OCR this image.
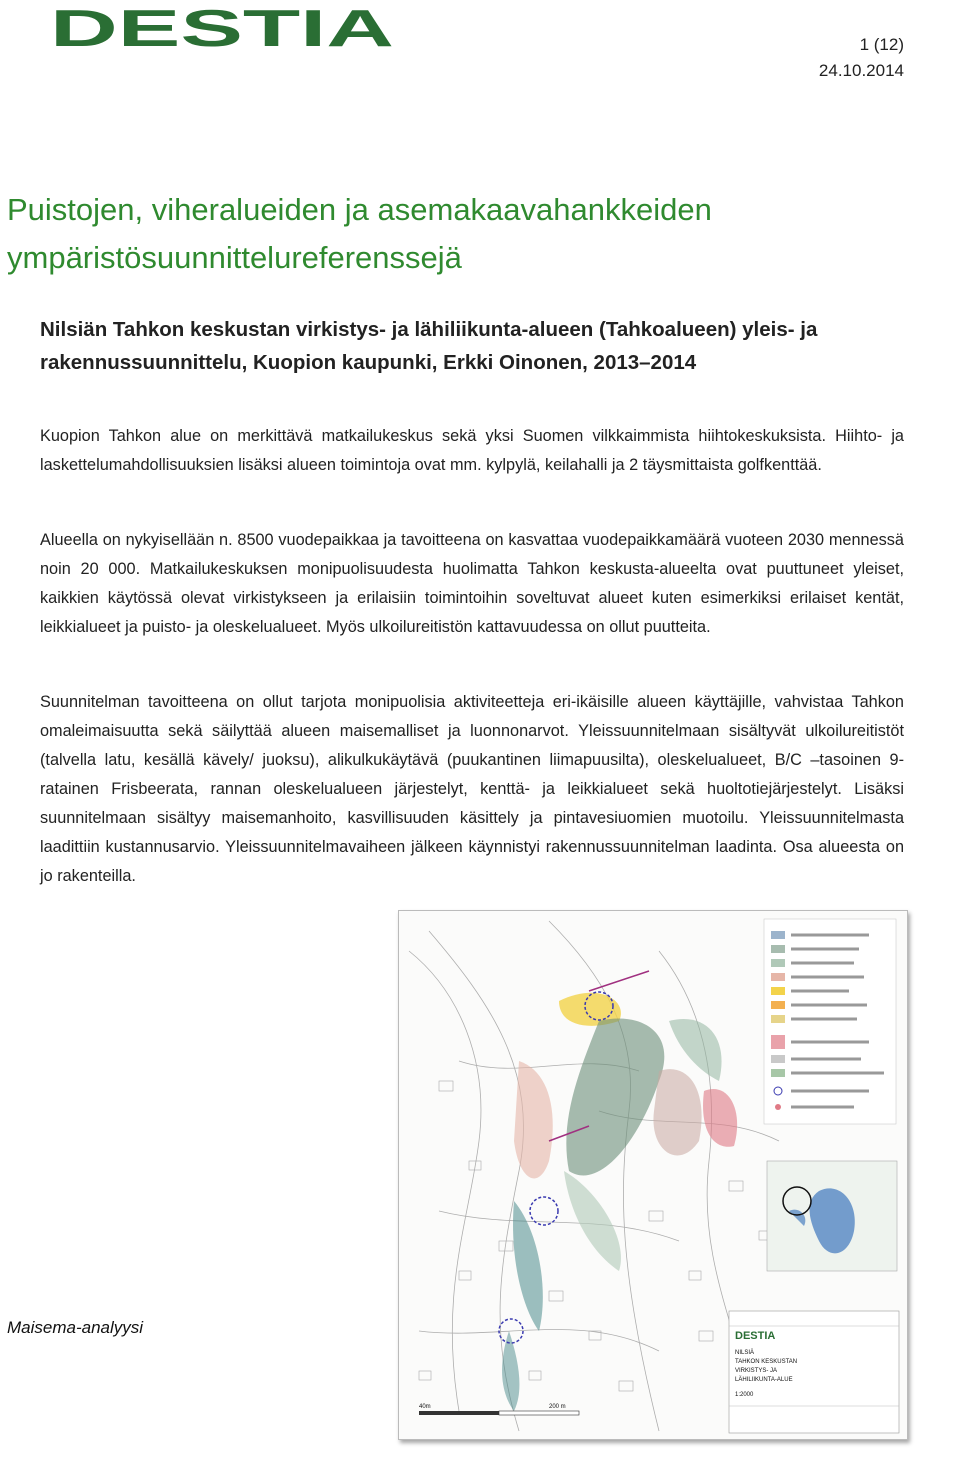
DESTIA	1 (12)
24.10.2014
Puistojen, viheralueiden ja asemakaavahankkeiden
ympäristösuunnittelureferenssejä
Nilsiän Tahkon keskustan virkistys- ja lähiliikunta-alueen (Tahkoalueen) yleis- ja rakennussuunnittelu, Kuopion kaupunki, Erkki Oinonen, 2013–2014

Kuopion Tahkon alue on merkittävä matkailukeskus sekä yksi Suomen vilkkaimmista hiihtokeskuksista. Hiihto- ja laskettelumahdollisuuksien lisäksi alueen toimintoja ovat mm. kylpylä, keilahalli ja 2 täysmittaista golfkenttää.

Alueella on nykyisellään n. 8500 vuodepaikkaa ja tavoitteena on kasvattaa vuodepaikkamäärä vuoteen 2030 mennessä noin 20 000. Matkailukeskuksen monipuolisuudesta huolimatta Tahkon keskusta-alueelta ovat puuttuneet yleiset, kaikkien käytössä olevat virkistykseen ja erilaisiin toimintoihin soveltuvat alueet kuten esimerkiksi erilaiset kentät, leikkialueet ja puisto- ja oleskelualueet. Myös ulkoilureitistön kattavuudessa on ollut puutteita.

Suunnitelman tavoitteena on ollut tarjota monipuolisia aktiviteetteja eri-ikäisille alueen käyttäjille, vahvistaa Tahkon omaleimaisuutta sekä säilyttää alueen maisemalliset ja luonnonarvot. Yleissuunnitelmaan sisältyvät ulkoilureitistöt (talvella latu, kesällä kävely/ juoksu), alikulkukäytävä (puukantinen liimapuusilta), oleskelualueet, B/C –tasoinen 9-ratainen Frisbeerata, rannan oleskelualueen järjestelyt, kenttä- ja leikkialueet sekä huoltotiejärjestelyt. Lisäksi suunnitelmaan sisältyy maisemanhoito, kasvillisuuden käsittely ja pintavesiuomien muotoilu. Yleissuunnitelmasta laadittiin kustannusarvio. Yleissuunnitelmavaiheen jälkeen käynnistyi rakennussuunnitelman laadinta. Osa alueesta on jo rakenteilla.

DESTIA
NILSIÄ
TAHKON KESKUSTAN
VIRKISTYS- JA
LÄHILIIKUNTA-ALUE
1:2000
40m	200 m
Maisema-analyysi
